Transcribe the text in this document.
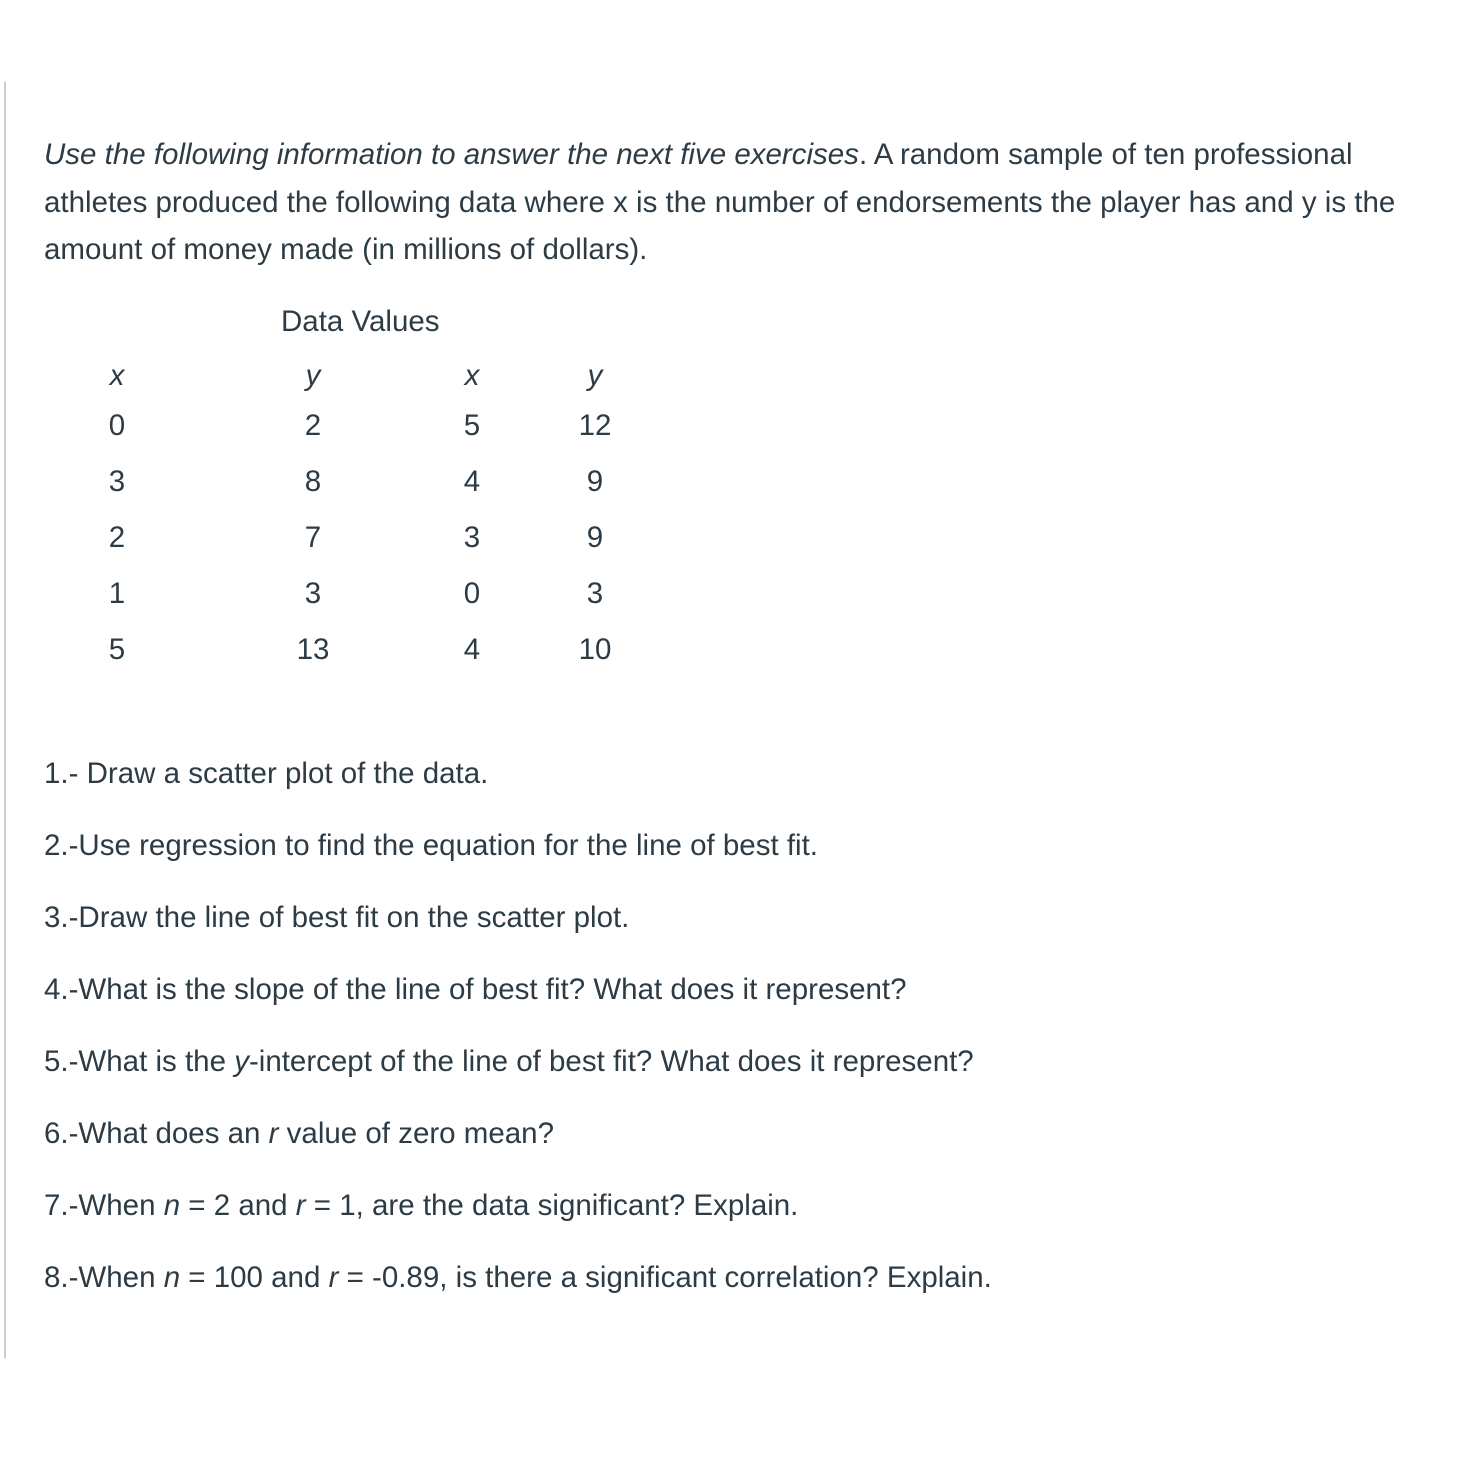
Use the following information to answer the next five exercises. A random sample of ten professional athletes produced the following data where x is the number of endorsements the player has and y is the amount of money made (in millions of dollars).

Data Values
x	y	x	y
0	2	5	12
3	8	4	9
2	7	3	9
1	3	0	3
5	13	4	10
1.- Draw a scatter plot of the data.
2.-Use regression to find the equation for the line of best fit.
3.-Draw the line of best fit on the scatter plot.
4.-What is the slope of the line of best fit? What does it represent?
5.-What is the y-intercept of the line of best fit? What does it represent?
6.-What does an r value of zero mean?
7.-When n = 2 and r = 1, are the data significant? Explain.
8.-When n = 100 and r = -0.89, is there a significant correlation? Explain.
